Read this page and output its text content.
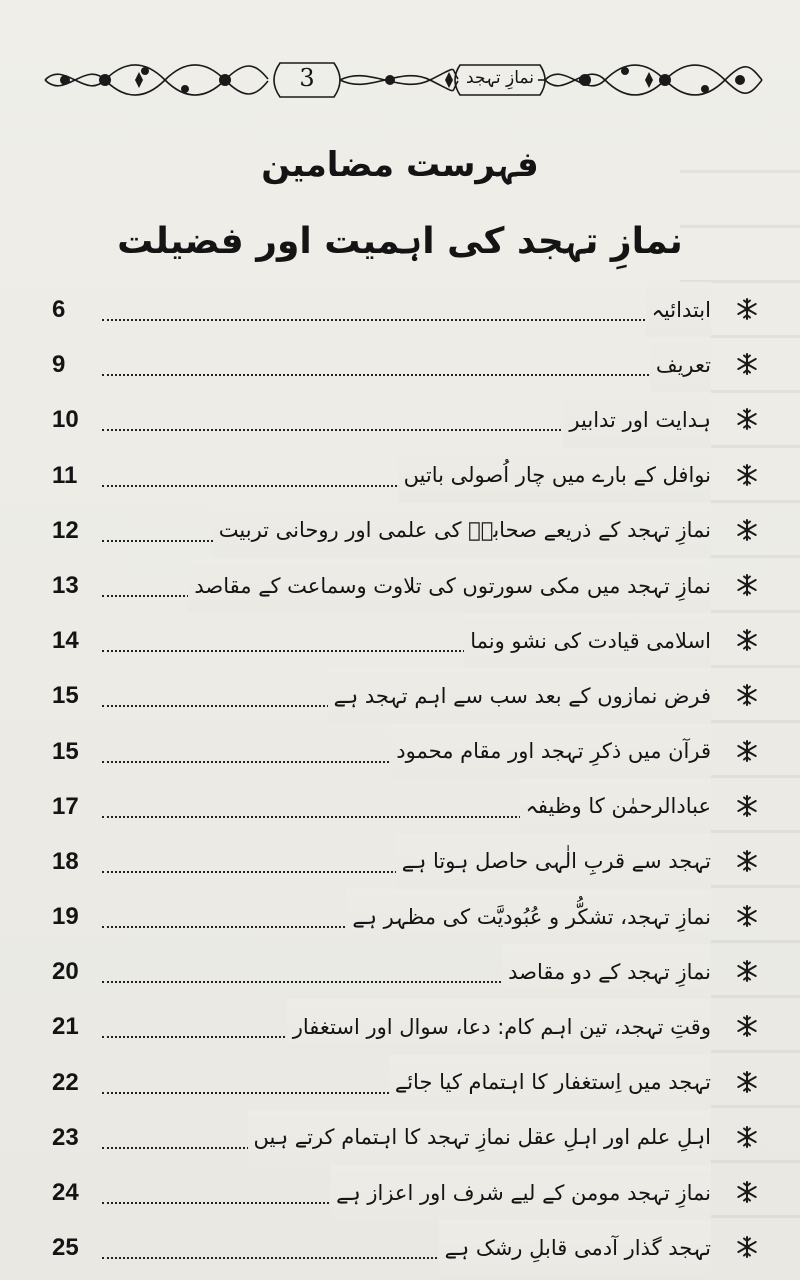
نمازِ تہجد
3
فہرست مضامین
نمازِ تہجد کی اہمیت اور فضیلت
6	ابتدائیہ
9	تعریف
10	ہدایت اور تدابیر
11	نوافل کے بارے میں چار اُصولی باتیں
12	نمازِ تہجد کے ذریعے صحابہؓ کی علمی اور روحانی تربیت
13	نمازِ تہجد میں مکی سورتوں کی تلاوت وسماعت کے مقاصد
14	اسلامی قیادت کی نشو ونما
15	فرض نمازوں کے بعد سب سے اہم تہجد ہے
15	قرآن میں ذکرِ تہجد اور مقام محمود
17	عبادالرحمٰن کا وظیفہ
18	تہجد سے قربِ الٰہی حاصل ہوتا ہے
19	نمازِ تہجد، تشکُّر و عُبُودیَّت کی مظہر ہے
20	نمازِ تہجد کے دو مقاصد
21	وقتِ تہجد، تین اہم کام: دعا، سوال اور استغفار
22	تہجد میں اِستغفار کا اہتمام کیا جائے
23	اہلِ علم اور اہلِ عقل نمازِ تہجد کا اہتمام کرتے ہیں
24	نمازِ تہجد مومن کے لیے شرف اور اعزاز ہے
25	تہجد گذار آدمی قابلِ رشک ہے
